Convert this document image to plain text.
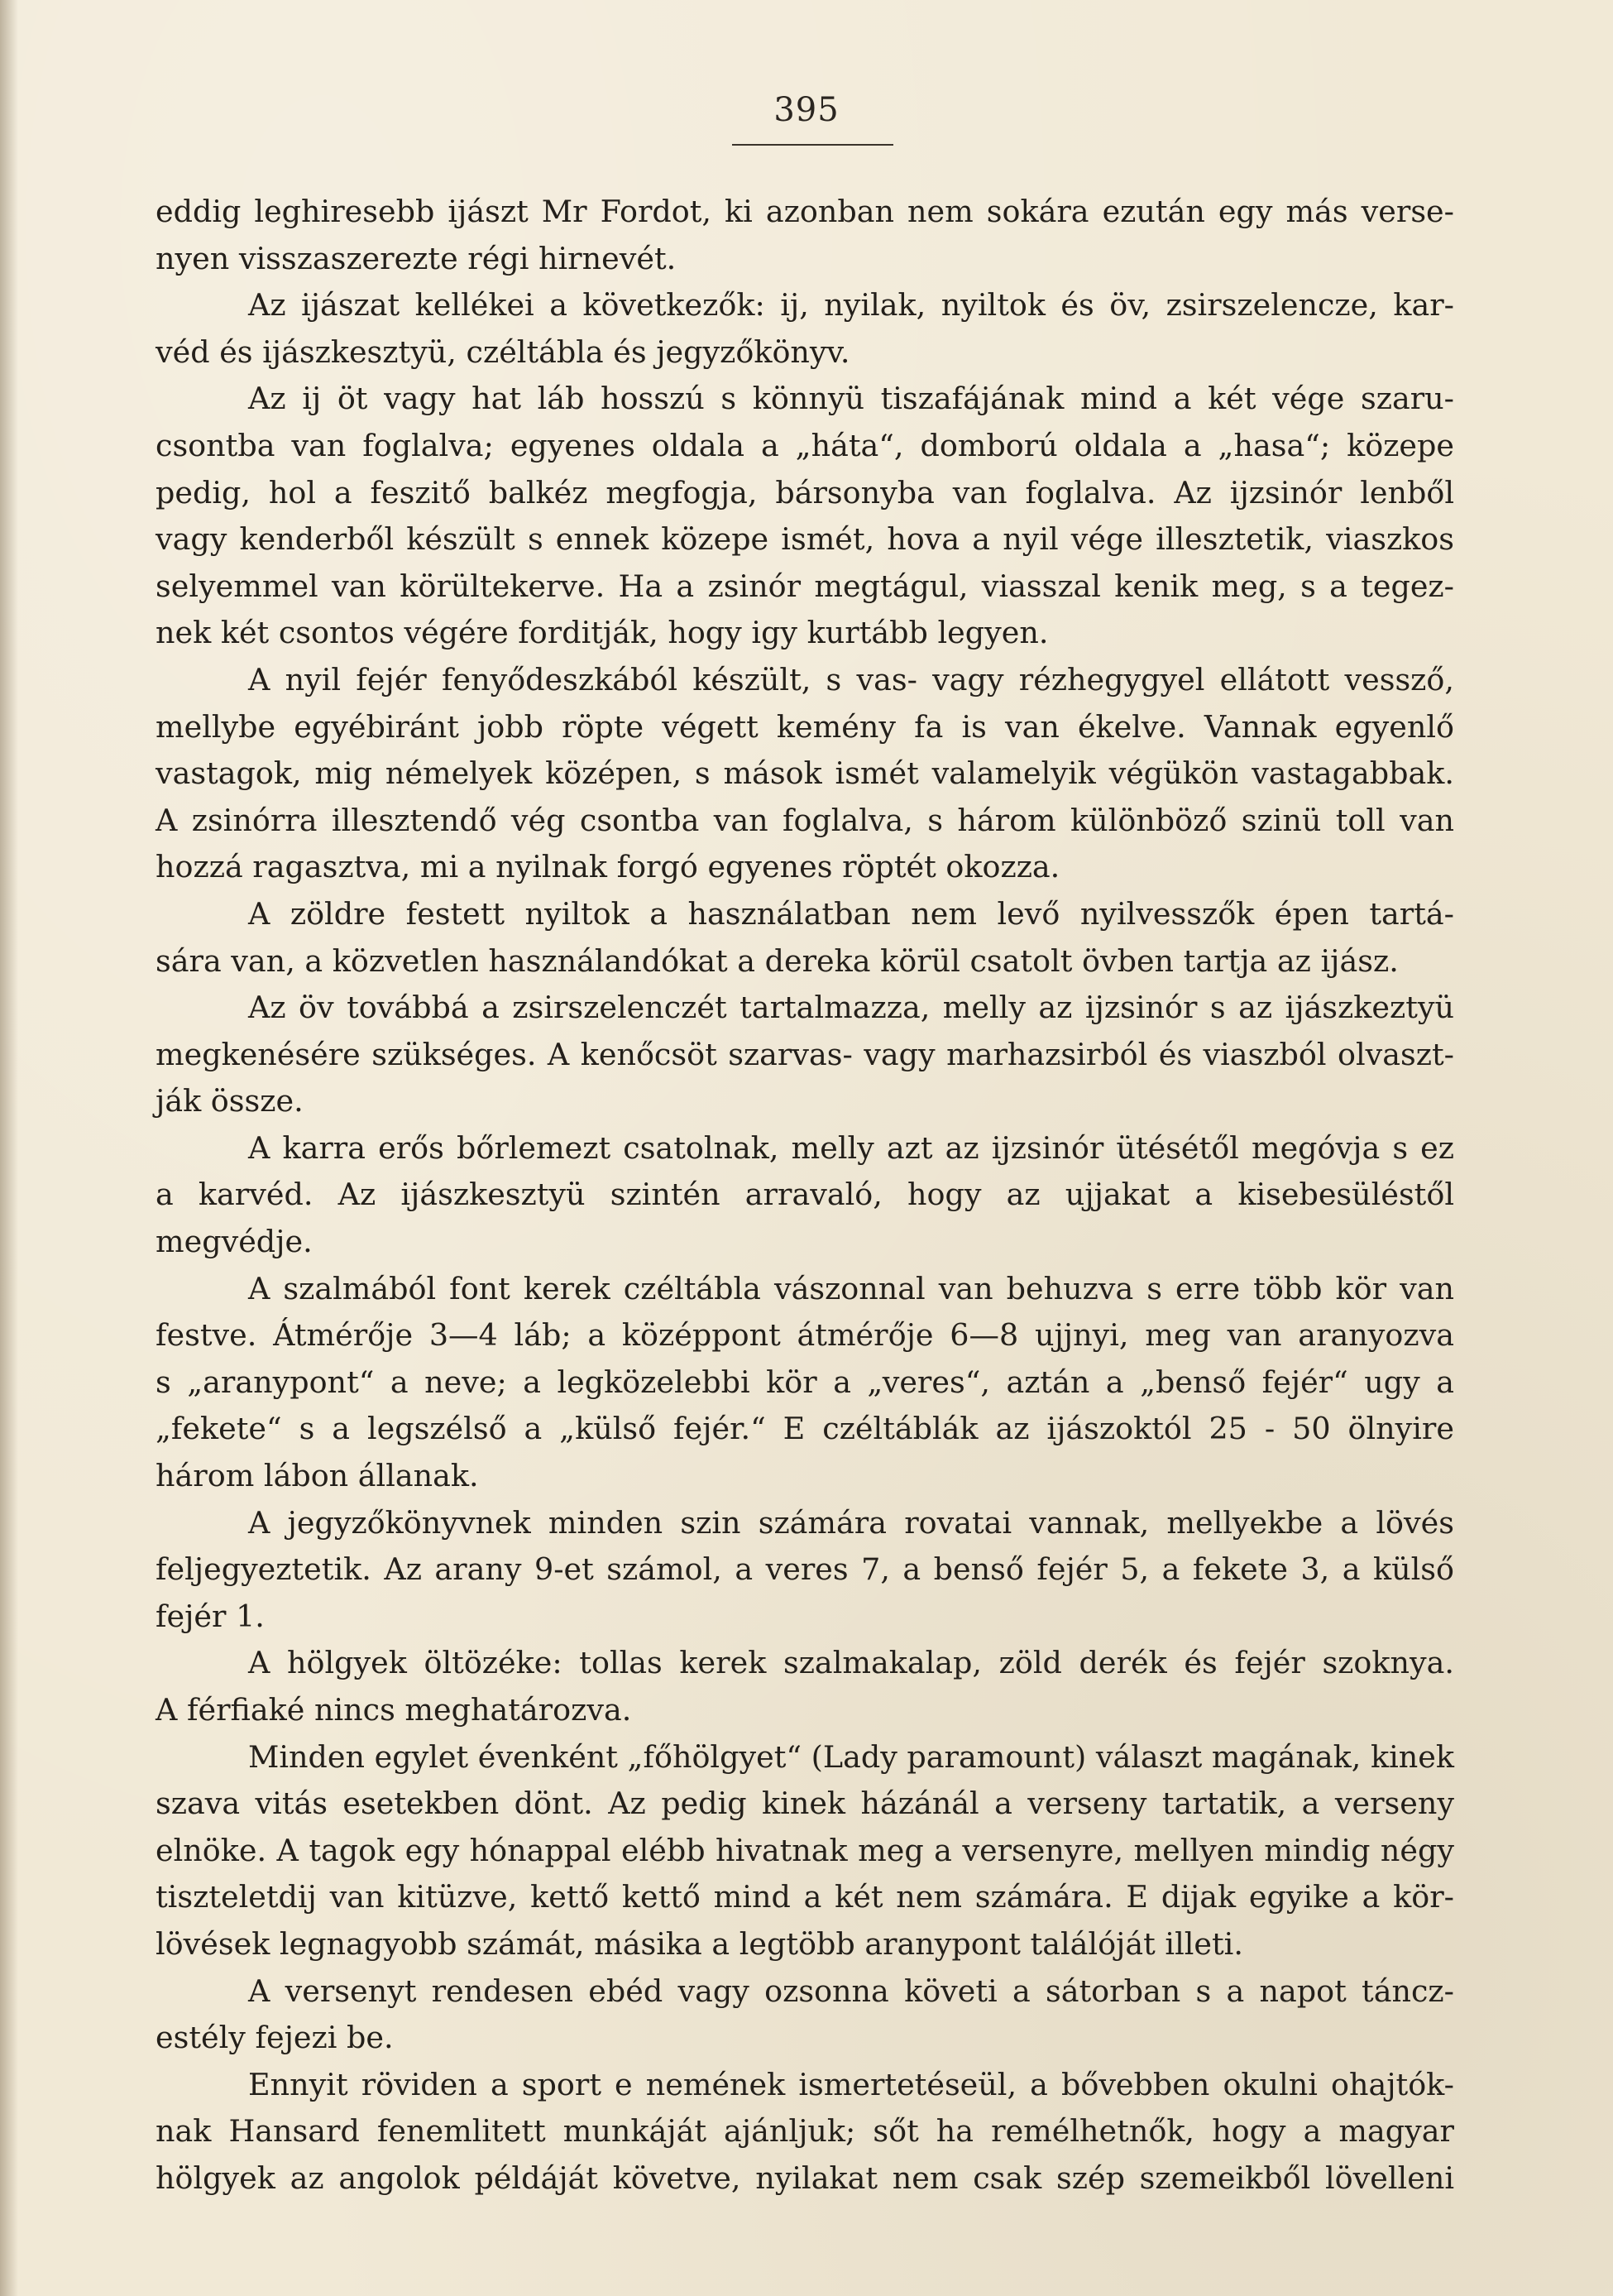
395
eddig leghiresebb ijászt Mr Fordot, ki azonban nem sokára ezután egy más verse-
nyen visszaszerezte régi hirnevét.
Az ijászat kellékei a következők: ij, nyilak, nyiltok és öv, zsirszelencze, kar-
véd és ijászkesztyü, czéltábla és jegyzőkönyv.
Az ij öt vagy hat láb hosszú s könnyü tiszafájának mind a két vége szaru-
csontba van foglalva; egyenes oldala a „háta“, domború oldala a „hasa“; közepe
pedig, hol a feszitő balkéz megfogja, bársonyba van foglalva. Az ijzsinór lenből
vagy kenderből készült s ennek közepe ismét, hova a nyil vége illesztetik, viaszkos
selyemmel van körültekerve. Ha a zsinór megtágul, viasszal kenik meg, s a tegez-
nek két csontos végére forditják, hogy igy kurtább legyen.
A nyil fejér fenyődeszkából készült, s vas- vagy rézhegygyel ellátott vessző,
mellybe egyébiránt jobb röpte végett kemény fa is van ékelve. Vannak egyenlő
vastagok, mig némelyek középen, s mások ismét valamelyik végükön vastagabbak.
A zsinórra illesztendő vég csontba van foglalva, s három különböző szinü toll van
hozzá ragasztva, mi a nyilnak forgó egyenes röptét okozza.
A zöldre festett nyiltok a használatban nem levő nyilvesszők épen tartá-
sára van, a közvetlen használandókat a dereka körül csatolt övben tartja az ijász.
Az öv továbbá a zsirszelenczét tartalmazza, melly az ijzsinór s az ijászkeztyü
megkenésére szükséges. A kenőcsöt szarvas- vagy marhazsirból és viaszból olvaszt-
ják össze.
A karra erős bőrlemezt csatolnak, melly azt az ijzsinór ütésétől megóvja s ez
a karvéd. Az ijászkesztyü szintén arravaló, hogy az ujjakat a kisebesüléstől
megvédje.
A szalmából font kerek czéltábla vászonnal van behuzva s erre több kör van
festve. Átmérője 3—4 láb; a középpont átmérője 6—8 ujjnyi, meg van aranyozva
s „aranypont“ a neve; a legközelebbi kör a „veres“, aztán a „benső fejér“ ugy a
„fekete“ s a legszélső a „külső fejér.“ E czéltáblák az ijászoktól 25 - 50 ölnyire
három lábon állanak.
A jegyzőkönyvnek minden szin számára rovatai vannak, mellyekbe a lövés
feljegyeztetik. Az arany 9-et számol, a veres 7, a benső fejér 5, a fekete 3, a külső
fejér 1.
A hölgyek öltözéke: tollas kerek szalmakalap, zöld derék és fejér szoknya.
A férfiaké nincs meghatározva.
Minden egylet évenként „főhölgyet“ (Lady paramount) választ magának, kinek
szava vitás esetekben dönt. Az pedig kinek házánál a verseny tartatik, a verseny
elnöke. A tagok egy hónappal elébb hivatnak meg a versenyre, mellyen mindig négy
tiszteletdij van kitüzve, kettő kettő mind a két nem számára. E dijak egyike a kör-
lövések legnagyobb számát, másika a legtöbb aranypont találóját illeti.
A versenyt rendesen ebéd vagy ozsonna követi a sátorban s a napot táncz-
estély fejezi be.
Ennyit röviden a sport e nemének ismertetéseül, a bővebben okulni ohajtók-
nak Hansard fenemlitett munkáját ajánljuk; sőt ha remélhetnők, hogy a magyar
hölgyek az angolok példáját követve, nyilakat nem csak szép szemeikből lövelleni
